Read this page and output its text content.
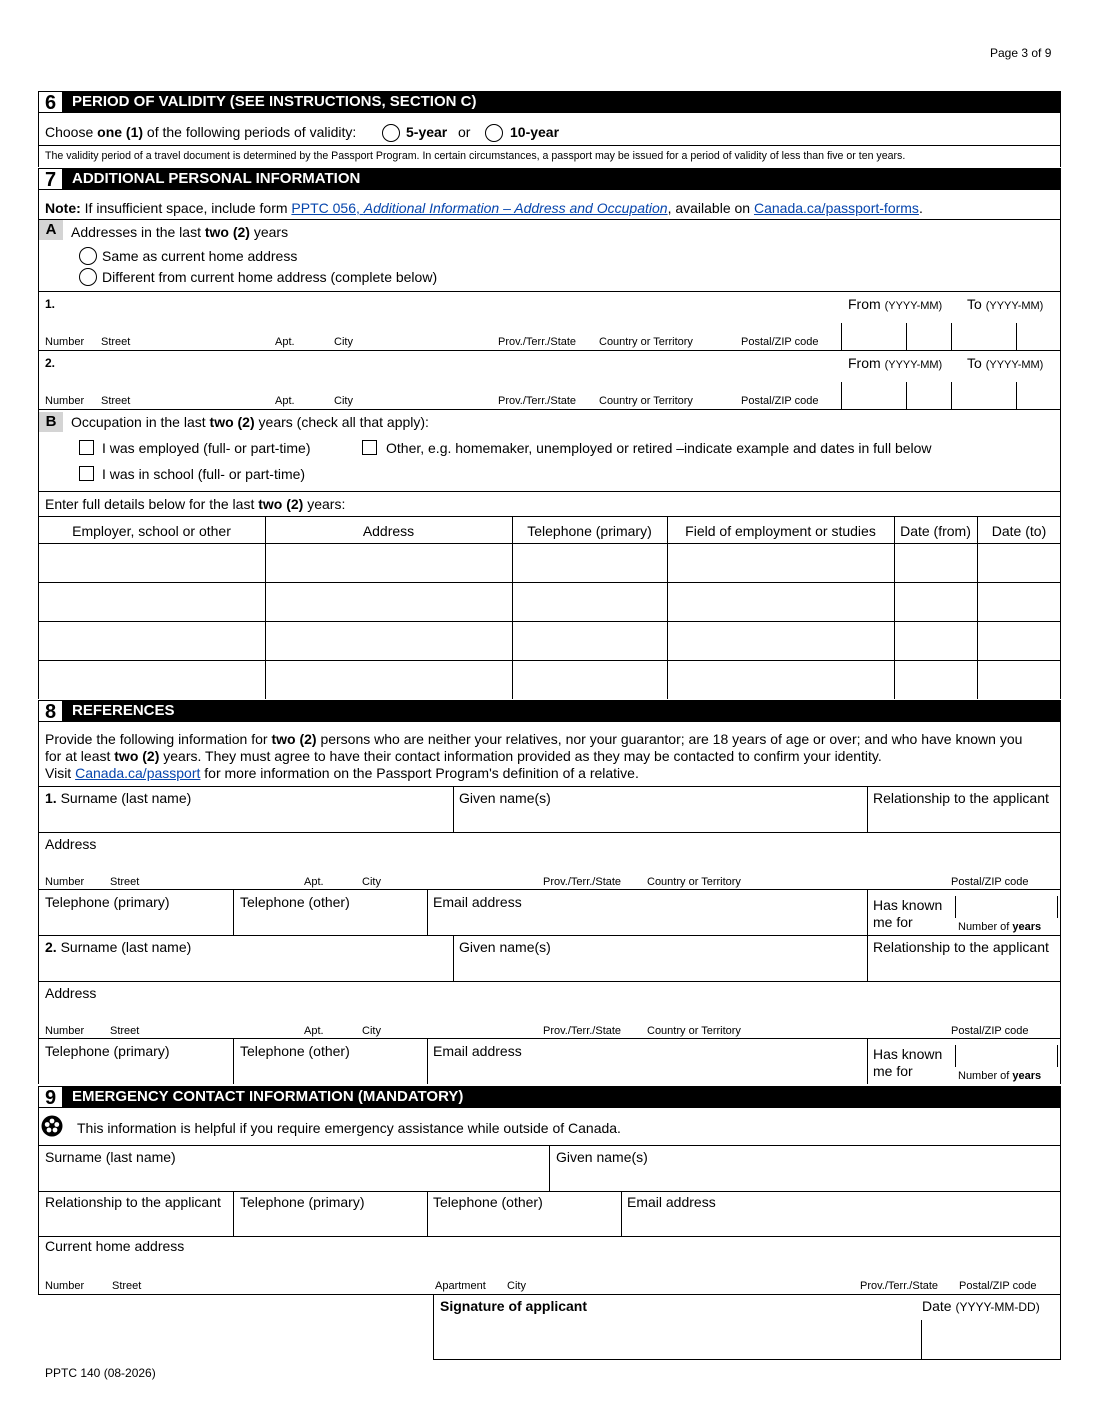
Page 3 of 9
6	PERIOD OF VALIDITY (SEE INSTRUCTIONS, SECTION C)
Choose one (1) of the following periods of validity:	5-year or	10-year
The validity period of a travel document is determined by the Passport Program. In certain circumstances, a passport may be issued for a period of validity of less than five or ten years.
7	ADDITIONAL PERSONAL INFORMATION
Note: If insufficient space, include form PPTC 056, Additional Information – Address and Occupation, available on Canada.ca/passport-forms.
A	Addresses in the last two (2) years
Same as current home address
Different from current home address (complete below)
1.	From (YYYY-MM) To (YYYY-MM)
Number Street	Apt.	City	Prov./Terr./State Country or Territory	Postal/ZIP code
2.	From (YYYY-MM) To (YYYY-MM)
Number Street	Apt.	City	Prov./Terr./State Country or Territory	Postal/ZIP code
B	Occupation in the last two (2) years (check all that apply):
I was employed (full- or part-time)	Other, e.g. homemaker, unemployed or retired –indicate example and dates in full below
I was in school (full- or part-time)
Enter full details below for the last two (2) years:
Employer, school or other	Address	Telephone (primary)	Field of employment or studies	Date (from)	Date (to)
8	REFERENCES
Provide the following information for two (2) persons who are neither your relatives, nor your guarantor; are 18 years of age or over; and who have known you
for at least two (2) years. They must agree to have their contact information provided as they may be contacted to confirm your identity.
Visit Canada.ca/passport for more information on the Passport Program's definition of a relative.
1. Surname (last name)	Given name(s)	Relationship to the applicant
Address
Number Street	Apt.	City	Prov./Terr./State Country or Territory	Postal/ZIP code
Telephone (primary)	Telephone (other)	Email address	Has known
me for	Number of years
2. Surname (last name)	Given name(s)	Relationship to the applicant
Address
Number Street	Apt.	City	Prov./Terr./State Country or Territory	Postal/ZIP code
Telephone (primary)	Telephone (other)	Email address	Has known
me for	Number of years
9	EMERGENCY CONTACT INFORMATION (MANDATORY)
This information is helpful if you require emergency assistance while outside of Canada.
Surname (last name)	Given name(s)
Relationship to the applicant Telephone (primary)	Telephone (other)	Email address
Current home address
Number	Street	Apartment City	Prov./Terr./State Postal/ZIP code
Signature of applicant	Date (YYYY-MM-DD)
PPTC 140 (08-2026)
